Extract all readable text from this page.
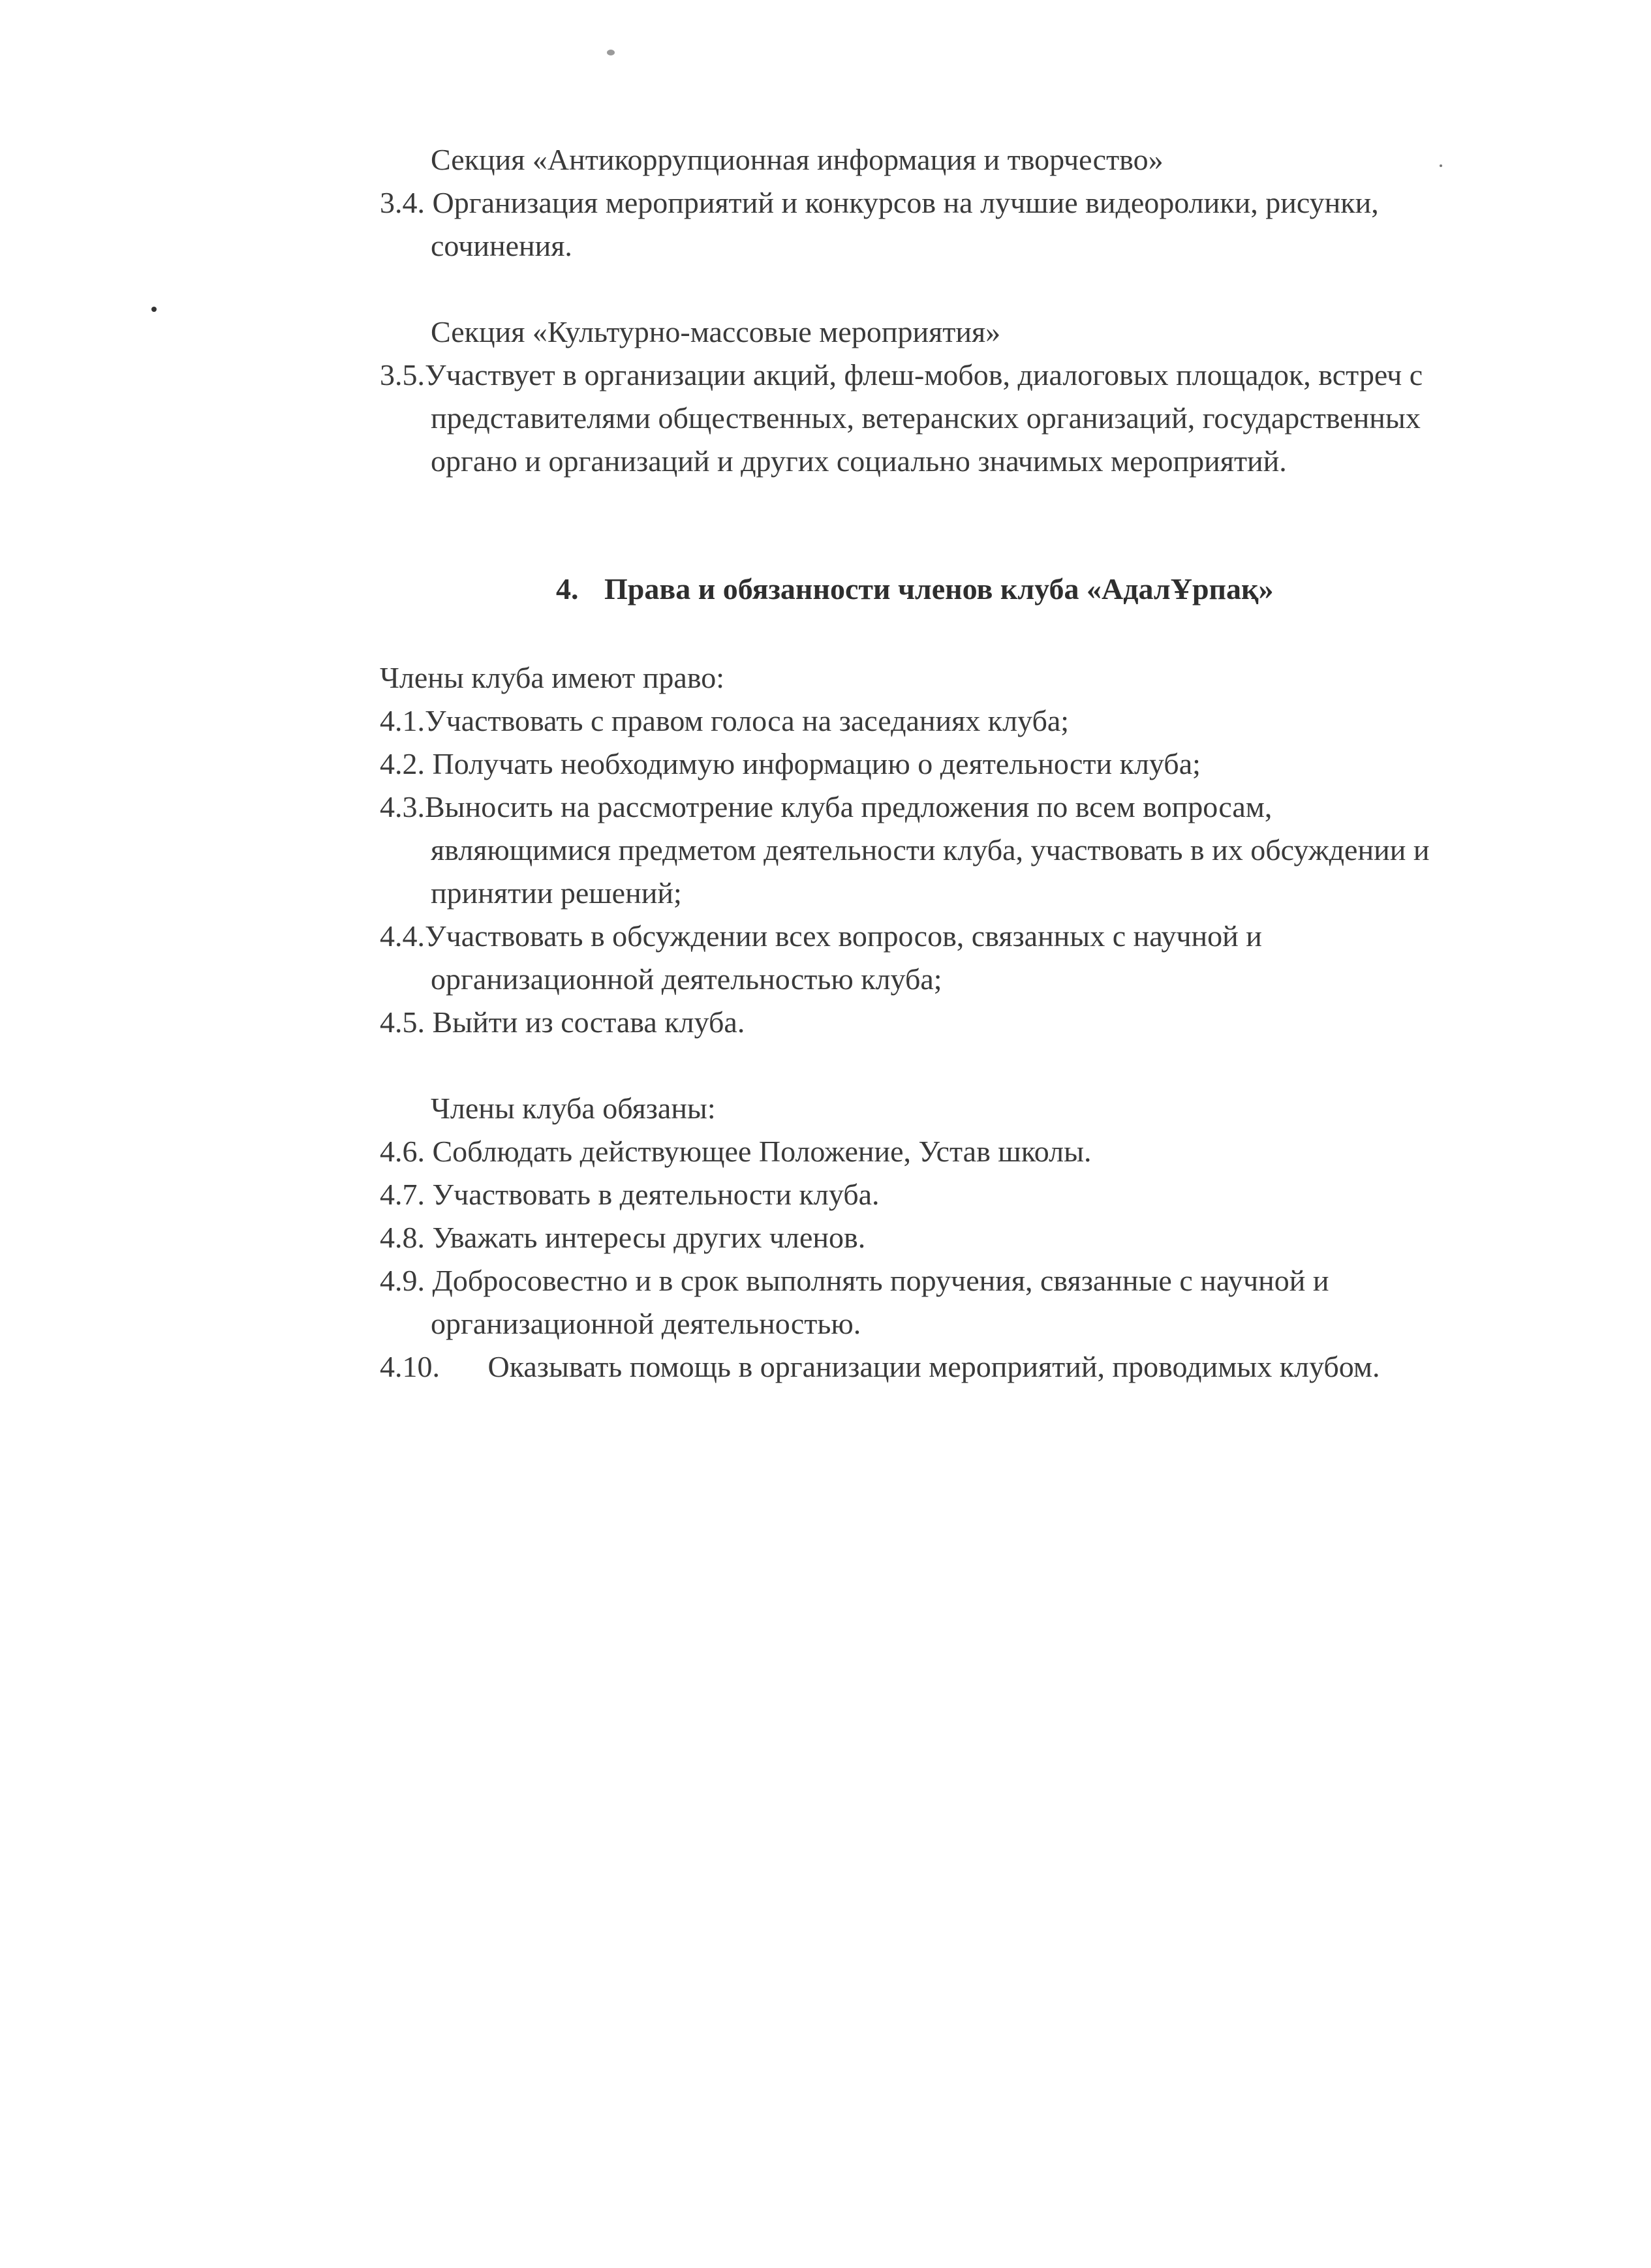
Секция «Антикоррупционная информация и творчество»
3.4. Организация мероприятий и конкурсов на лучшие видеоролики, рисунки,
сочинения.
Секция «Культурно-массовые мероприятия»
3.5.Участвует в организации акций, флеш-мобов, диалоговых площадок, встреч с
представителями общественных, ветеранских организаций, государственных
органо и организаций и других социально значимых мероприятий.
4. Права и обязанности членов клуба «АдалҰрпақ»
Члены клуба имеют право:
4.1.Участвовать с правом голоса на заседаниях клуба;
4.2. Получать необходимую информацию о деятельности клуба;
4.3.Выносить на рассмотрение клуба предложения по всем вопросам,
являющимися предметом деятельности клуба, участвовать в их обсуждении и
принятии решений;
4.4.Участвовать в обсуждении всех вопросов, связанных с научной и
организационной деятельностью клуба;
4.5. Выйти из состава клуба.
Члены клуба обязаны:
4.6. Соблюдать действующее Положение, Устав школы.
4.7. Участвовать в деятельности клуба.
4.8. Уважать интересы других членов.
4.9. Добросовестно и в срок выполнять поручения, связанные с научной и
организационной деятельностью.
4.10. Оказывать помощь в организации мероприятий, проводимых клубом.
